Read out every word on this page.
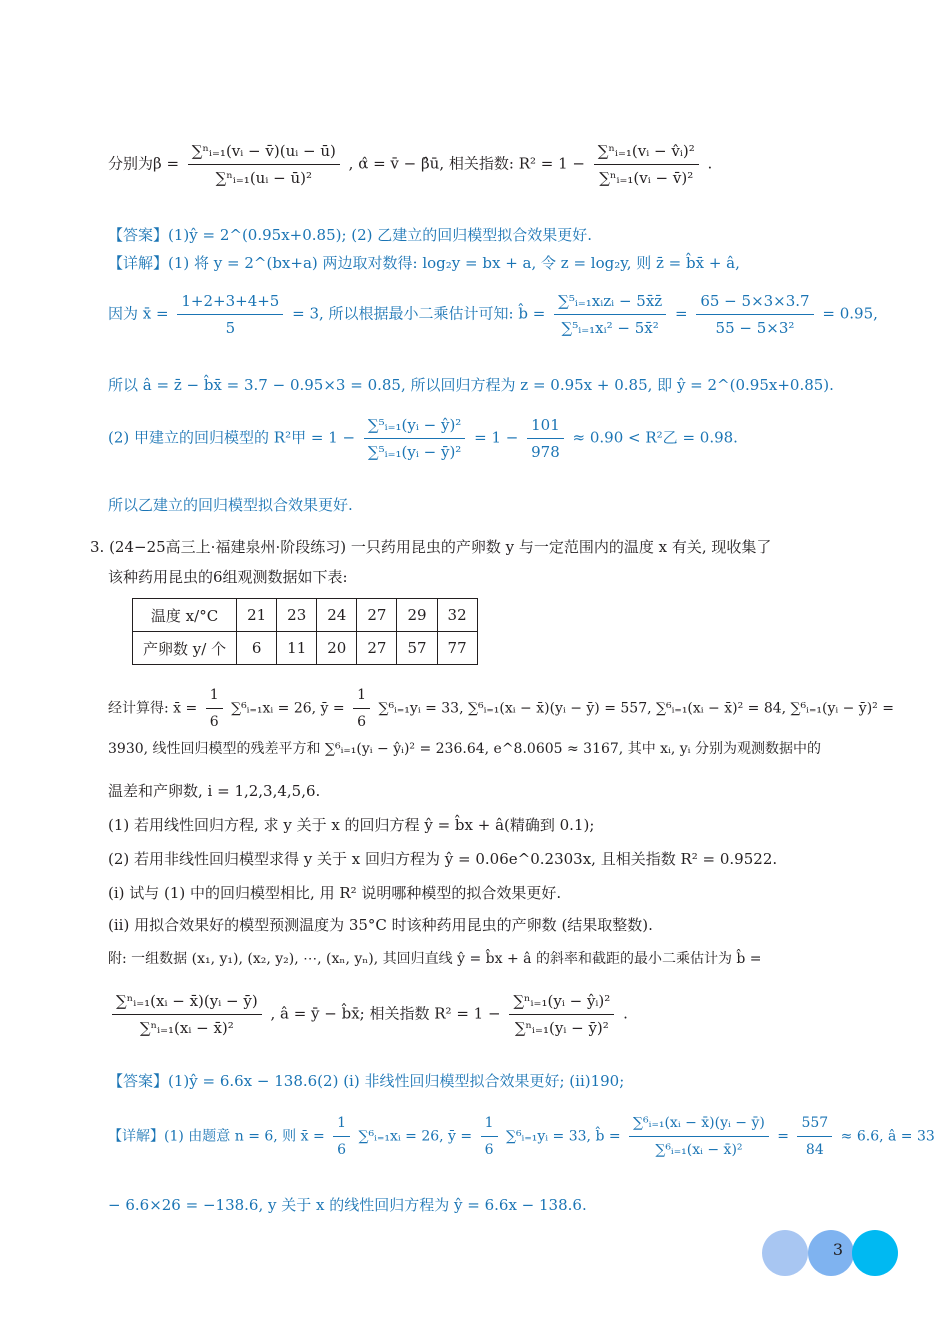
分别为$\beta = \frac{\text{∑ⁿᵢ₌₁(vᵢ − v̄)(uᵢ − ū)}}{\text{∑ⁿᵢ₌₁(uᵢ − ū)²}}$ , α̂ = v̄ − β̂ū, 相关指数: $R^2 = 1 - \frac{\text{∑ⁿᵢ₌₁(vᵢ − v̂ᵢ)²}}{\text{∑ⁿᵢ₌₁(vᵢ − v̄)²}}$ .
【答案】(1)ŷ = 2^(0.95x+0.85); (2) 乙建立的回归模型拟合效果更好.
【详解】(1) 将 y = 2^(bx+a) 两边取对数得: log₂y = bx + a, 令 z = log₂y, 则 z̄ = b̂x̄ + â,
因为 x̄ = $\frac{1+2+3+4+5}{5} = 3$, 所以根据最小二乘估计可知: b̂ = $\frac{\text{∑⁵ᵢ₌₁xᵢzᵢ − 5x̄z̄}}{\text{∑⁵ᵢ₌₁xᵢ² − 5x̄²}} = \frac{65 - 5\times 3\times 3.7}{\text{55 − 5×3²}} = 0.95$,
所以 â = z̄ − b̂x̄ = 3.7 − 0.95×3 = 0.85, 所以回归方程为 z = 0.95x + 0.85, 即 ŷ = 2^(0.95x+0.85).
(2) 甲建立的回归模型的 R²甲 = $1 - \frac{\text{∑⁵ᵢ₌₁(yᵢ − ŷ)²}}{\text{∑⁵ᵢ₌₁(yᵢ − ȳ)²}} = 1 - \frac{101}{978} \approx 0.90 < R^2$乙 = 0.98.
所以乙建立的回归模型拟合效果更好.
3. (24−25高三上·福建泉州·阶段练习) 一只药用昆虫的产卵数 y 与一定范围内的温度 x 有关, 现收集了
该种药用昆虫的6组观测数据如下表:
温度 x/°C	21	23	24	27	29	32
产卵数 y/ 个	6	11	20	27	57	77
经计算得: x̄ = $\frac{1}{6}$ ∑⁶ᵢ₌₁xᵢ = 26, ȳ = $\frac{1}{6}$ ∑⁶ᵢ₌₁yᵢ = 33, ∑⁶ᵢ₌₁(xᵢ − x̄)(yᵢ − ȳ) = 557, ∑⁶ᵢ₌₁(xᵢ − x̄)² = 84, ∑⁶ᵢ₌₁(yᵢ − ȳ)² =
3930, 线性回归模型的残差平方和 ∑⁶ᵢ₌₁(yᵢ − ŷᵢ)² = 236.64, e^8.0605 ≈ 3167, 其中 xᵢ, yᵢ 分别为观测数据中的
温差和产卵数, i = 1,2,3,4,5,6.
(1) 若用线性回归方程, 求 y 关于 x 的回归方程 ŷ = b̂x + â(精确到 0.1);
(2) 若用非线性回归模型求得 y 关于 x 回归方程为 ŷ = 0.06e^0.2303x, 且相关指数 R² = 0.9522.
(i) 试与 (1) 中的回归模型相比, 用 R² 说明哪种模型的拟合效果更好.
(ii) 用拟合效果好的模型预测温度为 35°C 时该种药用昆虫的产卵数 (结果取整数).
附: 一组数据 (x₁, y₁), (x₂, y₂), ⋯, (xₙ, yₙ), 其回归直线 ŷ = b̂x + â 的斜率和截距的最小二乘估计为 b̂ =
$\frac{\text{∑ⁿᵢ₌₁(xᵢ − x̄)(yᵢ − ȳ)}}{\text{∑ⁿᵢ₌₁(xᵢ − x̄)²}}$ , â = ȳ − b̂x̄; 相关指数 $R^2 = 1 - \frac{\text{∑ⁿᵢ₌₁(yᵢ − ŷᵢ)²}}{\text{∑ⁿᵢ₌₁(yᵢ − ȳ)²}}$ .
【答案】(1)ŷ = 6.6x − 138.6(2) (i) 非线性回归模型拟合效果更好; (ii)190;
【详解】(1) 由题意 n = 6, 则 x̄ = $\frac{1}{6}$ ∑⁶ᵢ₌₁xᵢ = 26, ȳ = $\frac{1}{6}$ ∑⁶ᵢ₌₁yᵢ = 33, b̂ = $\frac{\text{∑⁶ᵢ₌₁(xᵢ − x̄)(yᵢ − ȳ)}}{\text{∑⁶ᵢ₌₁(xᵢ − x̄)²}} = \frac{557}{84} \approx 6.6$, â = 33
− 6.6×26 = −138.6, y 关于 x 的线性回归方程为 ŷ = 6.6x − 138.6.
3
